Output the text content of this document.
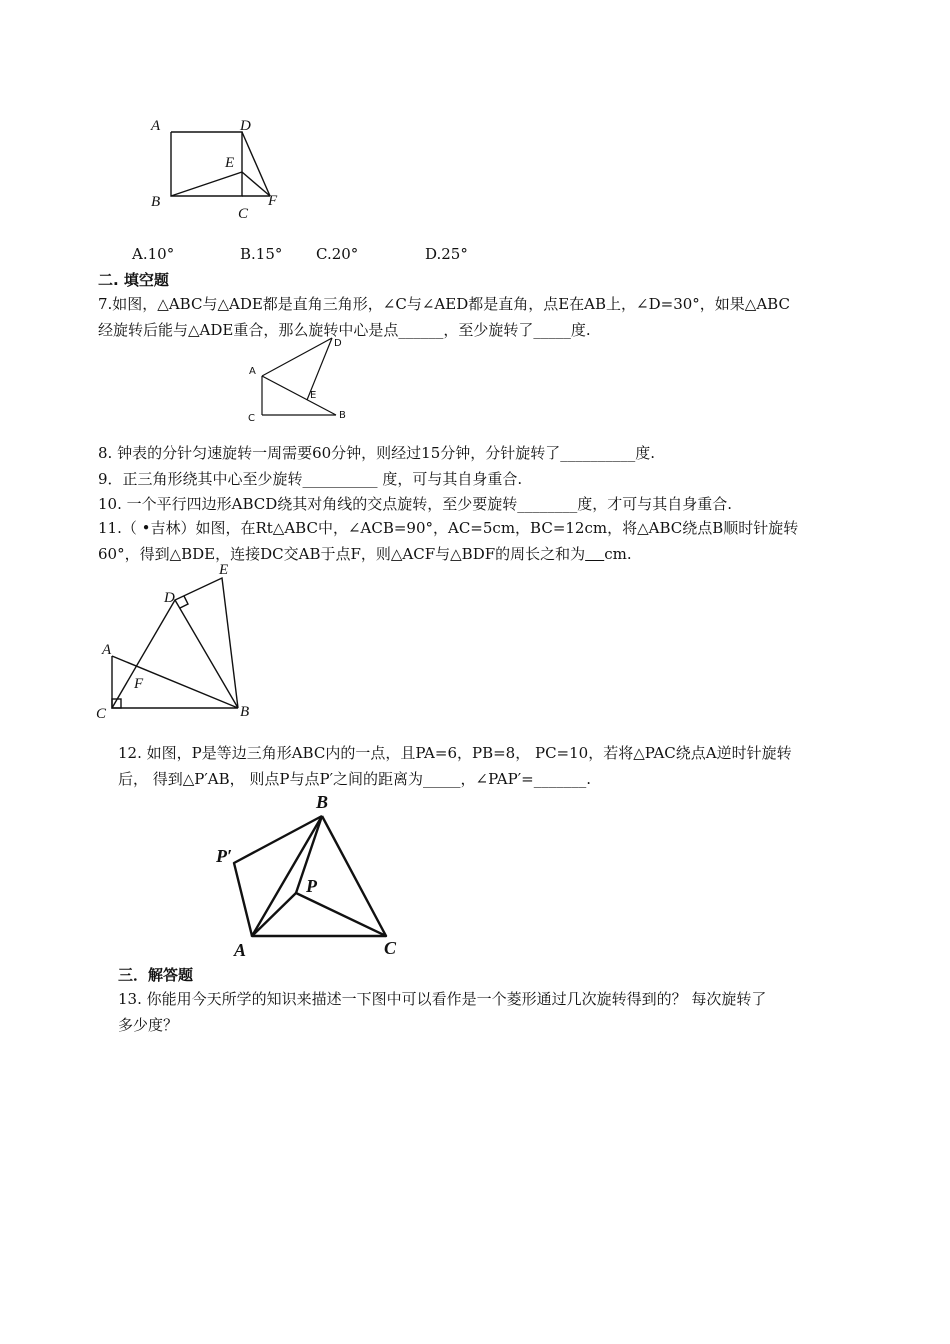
A	D
E
B
C
F
A.10°	B.15° C.20°	D.25°
二. 填空题
7.如图，△ABC与△ADE都是直角三角形，∠C与∠AED都是直角，点E在AB上，∠D=30°，如果△ABC
经旋转后能与△ADE重合，那么旋转中心是点______，至少旋转了_____度.
A
D
E
C	B
8. 钟表的分针匀速旋转一周需要60分钟，则经过15分钟，分针旋转了__________度.
9．正三角形绕其中心至少旋转__________ 度，可与其自身重合.
10. 一个平行四边形ABCD绕其对角线的交点旋转，至少要旋转________度，才可与其自身重合.
11.（ •吉林）如图，在Rt△ABC中，∠ACB=90°，AC=5cm，BC=12cm，将△ABC绕点B顺时针旋转
60°，得到△BDE，连接DC交AB于点F，则△ACF与△BDF的周长之和为 cm.
E
D
A
F
C	B
12. 如图，P是等边三角形ABC内的一点，且PA=6，PB=8， PC=10，若将△PAC绕点A逆时针旋转
后， 得到△P′AB， 则点P与点P′之间的距离为_____，∠PAP′=_______.
B
P′
P
A	C
三．解答题
13. 你能用今天所学的知识来描述一下图中可以看作是一个菱形通过几次旋转得到的？ 每次旋转了
多少度？
